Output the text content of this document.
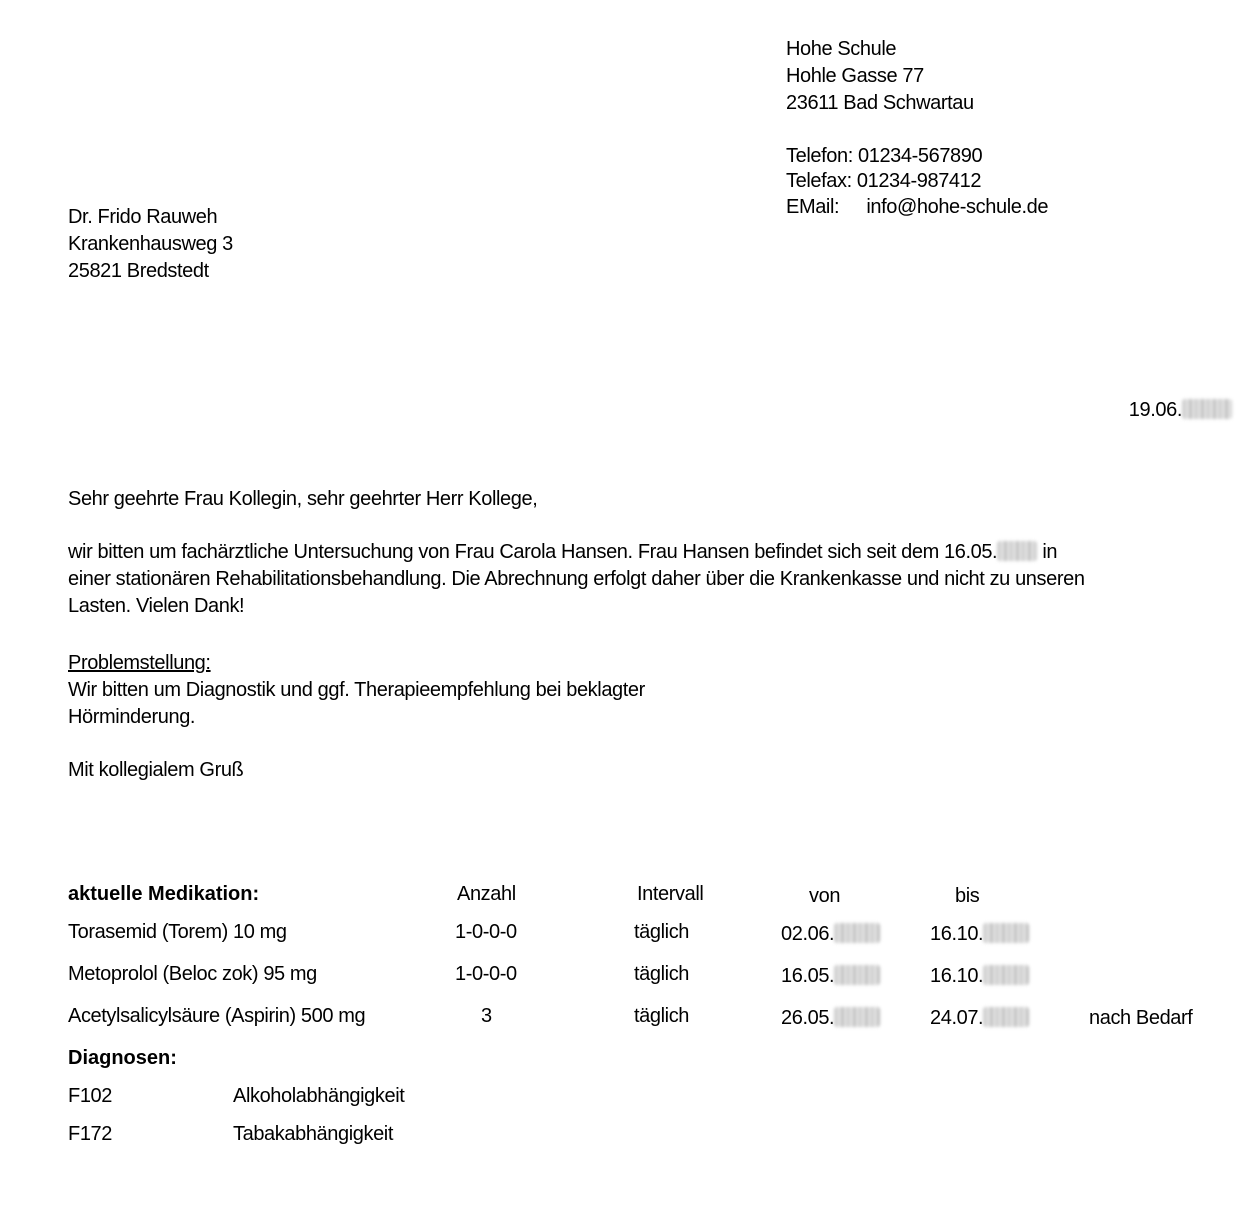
Hohe Schule
Hohle Gasse 77
23611 Bad Schwartau
Telefon: 01234-567890
Telefax: 01234-987412
EMail: info@hohe-schule.de
Dr. Frido Rauweh
Krankenhausweg 3
25821 Bredstedt
19.06.
Sehr geehrte Frau Kollegin, sehr geehrter Herr Kollege,
wir bitten um fachärztliche Untersuchung von Frau Carola Hansen. Frau Hansen befindet sich seit dem 16.05. in
einer stationären Rehabilitationsbehandlung. Die Abrechnung erfolgt daher über die Krankenkasse und nicht zu unseren
Lasten. Vielen Dank!
Problemstellung:
Wir bitten um Diagnostik und ggf. Therapieempfehlung bei beklagter
Hörminderung.
Mit kollegialem Gruß
aktuelle Medikation:	Anzahl	Intervall	von	bis
Torasemid (Torem) 10 mg	1-0-0-0	täglich	02.06.	16.10.
Metoprolol (Beloc zok) 95 mg	1-0-0-0	täglich	16.05.	16.10.
Acetylsalicylsäure (Aspirin) 500 mg	3	täglich	26.05.	24.07.	nach Bedarf
Diagnosen:
F102	Alkoholabhängigkeit
F172	Tabakabhängigkeit
